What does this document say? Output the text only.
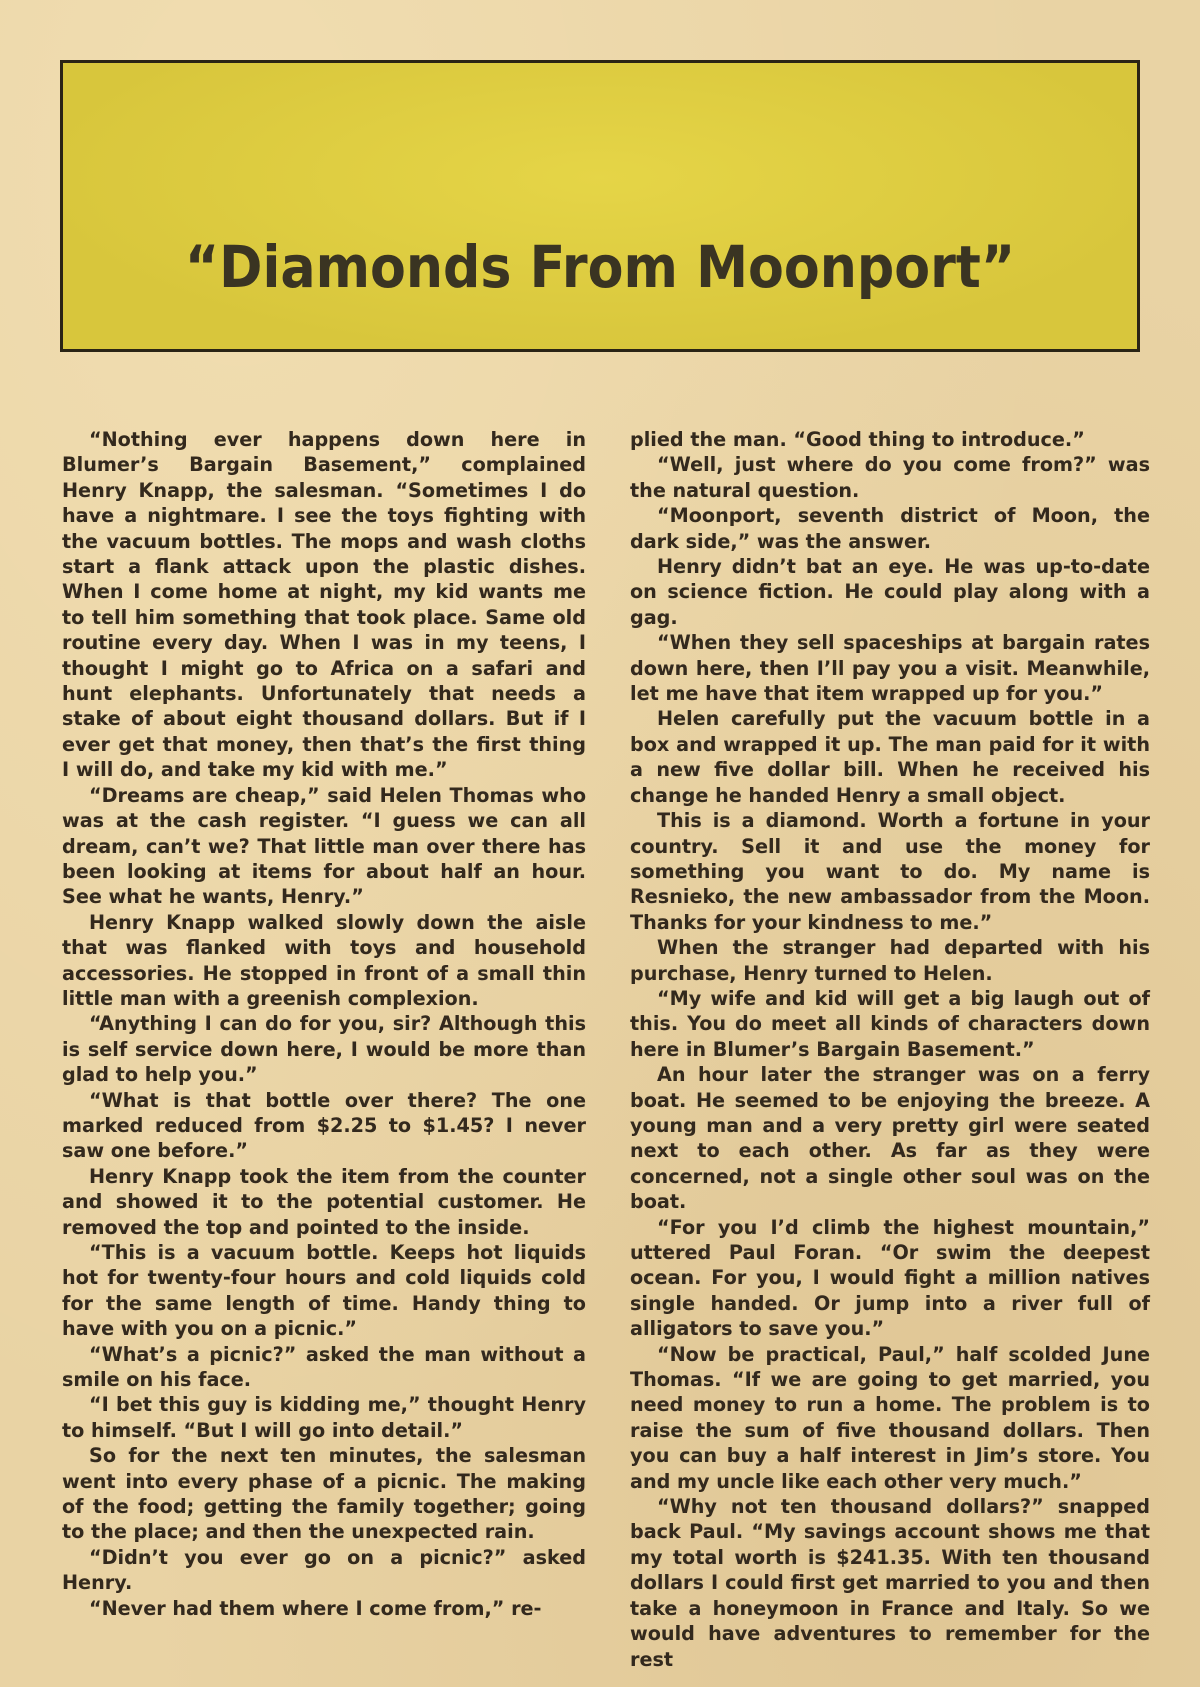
“Diamonds From Moonport”

“Nothing ever happens down here in Blumer’s Bargain Basement,” complained Henry Knapp, the salesman. “Sometimes I do have a nightmare. I see the toys fighting with the vacuum bottles. The mops and wash cloths start a flank attack upon the plastic dishes. When I come home at night, my kid wants me to tell him something that took place. Same old routine every day. When I was in my teens, I thought I might go to Africa on a safari and hunt elephants. Unfortunately that needs a stake of about eight thousand dollars. But if I ever get that money, then that’s the first thing I will do, and take my kid with me.”

“Dreams are cheap,” said Helen Thomas who was at the cash register. “I guess we can all dream, can’t we? That little man over there has been looking at items for about half an hour. See what he wants, Henry.”

Henry Knapp walked slowly down the aisle that was flanked with toys and household accessories. He stopped in front of a small thin little man with a greenish complexion.

“Anything I can do for you, sir? Although this is self service down here, I would be more than glad to help you.”

“What is that bottle over there? The one marked reduced from $2.25 to $1.45? I never saw one before.”

Henry Knapp took the item from the counter and showed it to the potential customer. He removed the top and pointed to the inside.

“This is a vacuum bottle. Keeps hot liquids hot for twenty-four hours and cold liquids cold for the same length of time. Handy thing to have with you on a picnic.”

“What’s a picnic?” asked the man without a smile on his face.

“I bet this guy is kidding me,” thought Henry to himself. “But I will go into detail.”

So for the next ten minutes, the salesman went into every phase of a picnic. The making of the food; getting the family together; going to the place; and then the unexpected rain.

“Didn’t you ever go on a picnic?” asked Henry.

“Never had them where I come from,” re-

plied the man. “Good thing to introduce.”

“Well, just where do you come from?” was the natural question.

“Moonport, seventh district of Moon, the dark side,” was the answer.

Henry didn’t bat an eye. He was up-to-date on science fiction. He could play along with a gag.

“When they sell spaceships at bargain rates down here, then I’ll pay you a visit. Meanwhile, let me have that item wrapped up for you.”

Helen carefully put the vacuum bottle in a box and wrapped it up. The man paid for it with a new five dollar bill. When he received his change he handed Henry a small object.

This is a diamond. Worth a fortune in your country. Sell it and use the money for something you want to do. My name is Resnieko, the new ambassador from the Moon. Thanks for your kindness to me.”

When the stranger had departed with his purchase, Henry turned to Helen.

“My wife and kid will get a big laugh out of this. You do meet all kinds of characters down here in Blumer’s Bargain Basement.”

An hour later the stranger was on a ferry boat. He seemed to be enjoying the breeze. A young man and a very pretty girl were seated next to each other. As far as they were concerned, not a single other soul was on the boat.

“For you I’d climb the highest mountain,” uttered Paul Foran. “Or swim the deepest ocean. For you, I would fight a million natives single handed. Or jump into a river full of alligators to save you.”

“Now be practical, Paul,” half scolded June Thomas. “If we are going to get married, you need money to run a home. The problem is to raise the sum of five thousand dollars. Then you can buy a half interest in Jim’s store. You and my uncle like each other very much.”

“Why not ten thousand dollars?” snapped back Paul. “My savings account shows me that my total worth is $241.35. With ten thousand dollars I could first get married to you and then take a honeymoon in France and Italy. So we would have adventures to remember for the rest
